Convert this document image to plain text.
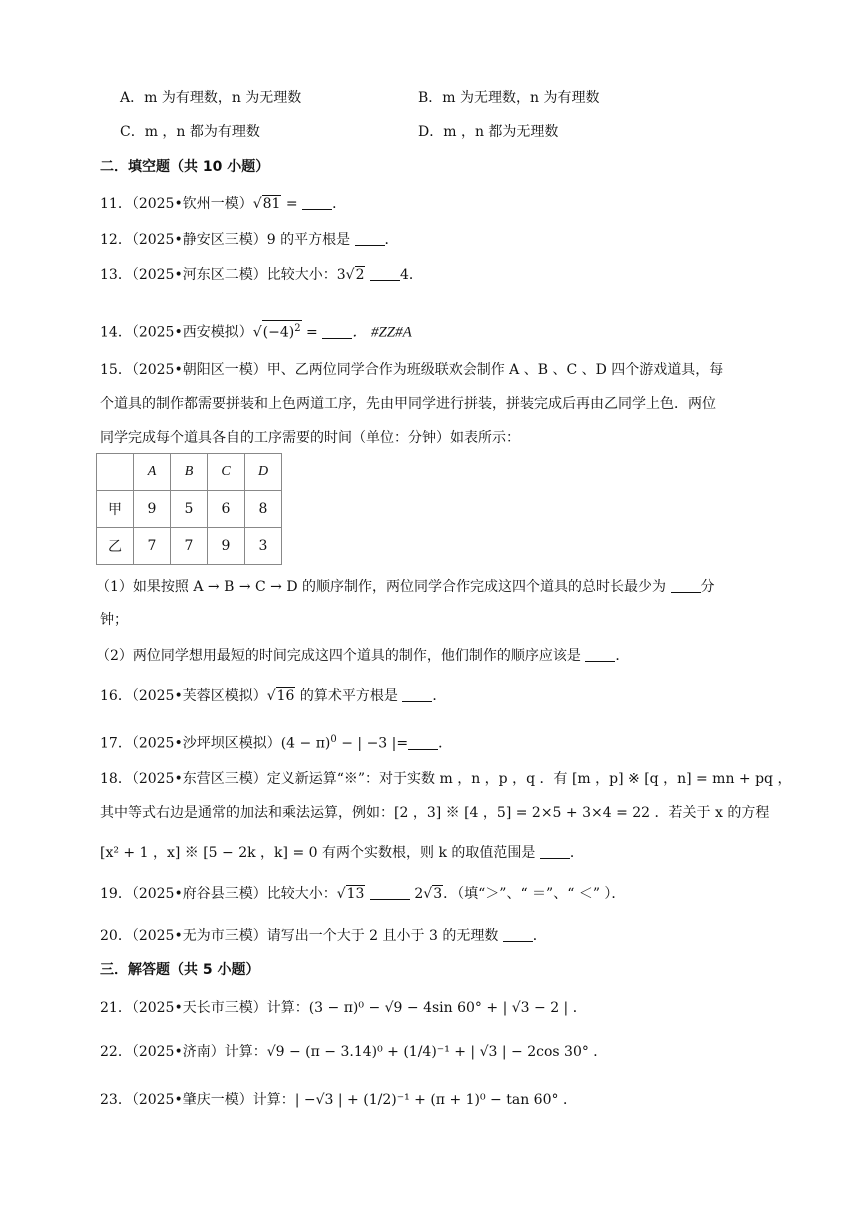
A．m 为有理数，n 为无理数	B．m 为无理数，n 为有理数
C．m ，n 都为有理数	D．m ，n 都为无理数
二．填空题（共 10 小题）
11．（2025•钦州一模）√81 = ．
12．（2025•静安区三模）9 的平方根是 ．
13．（2025•河东区二模）比较大小：3√2	4．
14．（2025•西安模拟）$√(-4)^2$ = ． #ZZ#A
15．（2025•朝阳区一模）甲、乙两位同学合作为班级联欢会制作 A 、B 、C 、D 四个游戏道具，每
个道具的制作都需要拼装和上色两道工序，先由甲同学进行拼装，拼装完成后再由乙同学上色．两位
同学完成每个道具各自的工序需要的时间（单位：分钟）如表所示：
	A	B	C	D
甲	9	5	6	8
乙	7	7	9	3
（1）如果按照 A → B → C → D 的顺序制作，两位同学合作完成这四个道具的总时长最少为 分
钟；
（2）两位同学想用最短的时间完成这四个道具的制作，他们制作的顺序应该是 ．
16．（2025•芙蓉区模拟）√16 的算术平方根是 ．
17．（2025•沙坪坝区模拟）$(4 - \pi)^0$ − | −3 |= ．
18．（2025•东营区三模）定义新运算“※”：对于实数 m ，n ，p ，q ．有 [m ，p] ※ [q ，n] = mn + pq ，
其中等式右边是通常的加法和乘法运算，例如：[2 ，3] ※ [4 ，5] = 2×5 + 3×4 = 22 ．若关于 x 的方程
[x² + 1 ，x] ※ [5 − 2k ，k] = 0 有两个实数根，则 k 的取值范围是 ．
19．（2025•府谷县三模）比较大小：√13	2√3．（填“＞”、“ ＝”、“ ＜” ）．
20．（2025•无为市三模）请写出一个大于 2 且小于 3 的无理数 ．
三．解答题（共 5 小题）
21．（2025•天长市三模）计算：(3 − π)⁰ − √9 − 4sin 60° + | √3 − 2 | ．
22．（2025•济南）计算：√9 − (π − 3.14)⁰ + (1/4)⁻¹ + | √3 | − 2cos 30° ．
23．（2025•肇庆一模）计算：| −√3 | + (1/2)⁻¹ + (π + 1)⁰ − tan 60° ．
